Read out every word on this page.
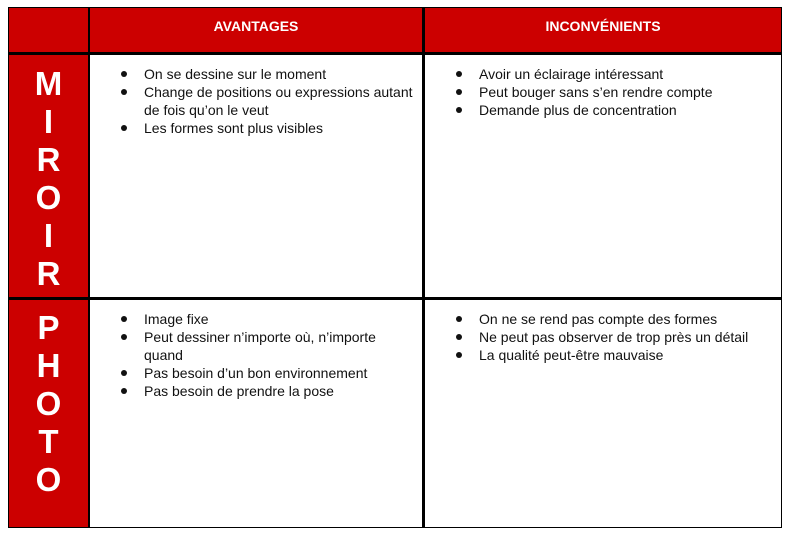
AVANTAGES	INCONVÉNIENTS
M
I
R
O
I
R
On se dessine sur le moment
Change de positions ou expressions autant de fois qu’on le veut
Les formes sont plus visibles
Avoir un éclairage intéressant
Peut bouger sans s’en rendre compte
Demande plus de concentration
P
H
O
T
O
Image fixe
Peut dessiner n’importe où, n’importe quand
Pas besoin d’un bon environnement
Pas besoin de prendre la pose
On ne se rend pas compte des formes
Ne peut pas observer de trop près un détail
La qualité peut-être mauvaise
